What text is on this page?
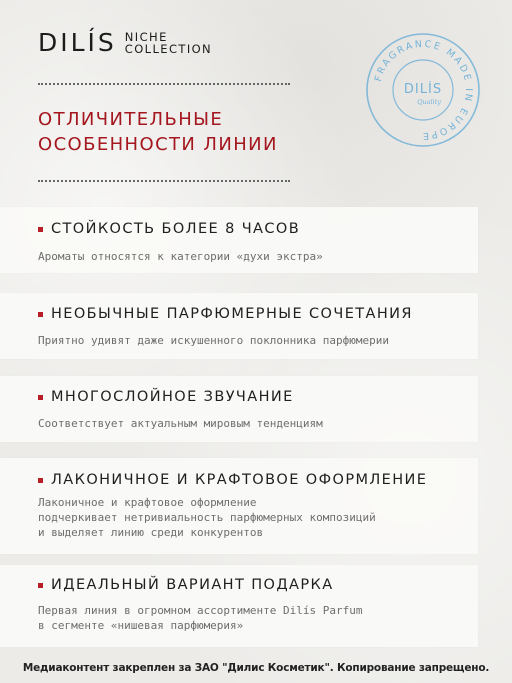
DILÍS NICHE
COLLECTION
FRAGRANCE MADE IN EUROPE
DILÍS
Quality
ОТЛИЧИТЕЛЬНЫЕ
ОСОБЕННОСТИ ЛИНИИ
СТОЙКОСТЬ БОЛЕЕ 8 ЧАСОВ
Ароматы относятся к категории «духи экстра»
НЕОБЫЧНЫЕ ПАРФЮМЕРНЫЕ СОЧЕТАНИЯ
Приятно удивят даже искушенного поклонника парфюмерии
МНОГОСЛОЙНОЕ ЗВУЧАНИЕ
Соответствует актуальным мировым тенденциям
ЛАКОНИЧНОЕ И КРАФТОВОЕ ОФОРМЛЕНИЕ
Лаконичное и крафтовое оформление
подчеркивает нетривиальность парфюмерных композиций
и выделяет линию среди конкурентов
ИДЕАЛЬНЫЙ ВАРИАНТ ПОДАРКА
Первая линия в огромном ассортименте Dilís Parfum
в сегменте «нишевая парфюмерия»
Медиаконтент закреплен за ЗАО "Дилис Косметик". Копирование запрещено.
